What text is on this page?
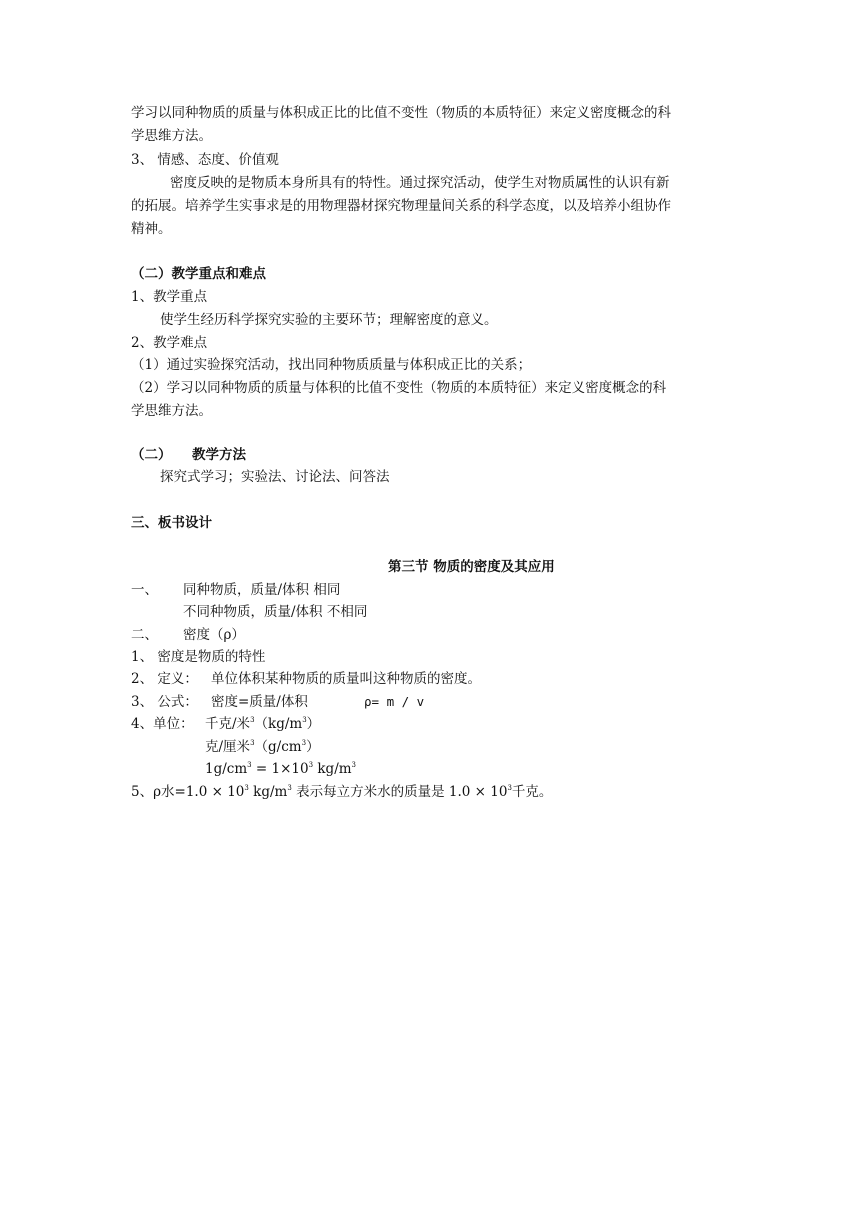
学习以同种物质的质量与体积成正比的比值不变性（物质的本质特征）来定义密度概念的科
学思维方法。
3、 情感、态度、价值观
密度反映的是物质本身所具有的特性。通过探究活动，使学生对物质属性的认识有新
的拓展。培养学生实事求是的用物理器材探究物理量间关系的科学态度，以及培养小组协作
精神。
（二）教学重点和难点
1、教学重点
使学生经历科学探究实验的主要环节；理解密度的意义。
2、教学难点
（1）通过实验探究活动，找出同种物质质量与体积成正比的关系；
（2）学习以同种物质的质量与体积的比值不变性（物质的本质特征）来定义密度概念的科
学思维方法。
（二） 教学方法
探究式学习；实验法、讨论法、问答法
三、板书设计
第三节 物质的密度及其应用
一、 同种物质，质量/体积 相同
不同种物质，质量/体积 不相同
二、 密度（ρ）
1、 密度是物质的特性
2、 定义： 单位体积某种物质的质量叫这种物质的密度。
3、 公式： 密度=质量/体积	ρ= m / v
4、单位： 千克/米$^3(kg/m^3)$
克/厘米$^3(g/cm^3)$
$1g/cm^3 = 1\times 10^3$ $kg/m^3$
5、ρ水$=1.0 \times 10^3$ $kg/m^3$ 表示每立方米水的质量是 $1.0 \times 10^3$千克。
